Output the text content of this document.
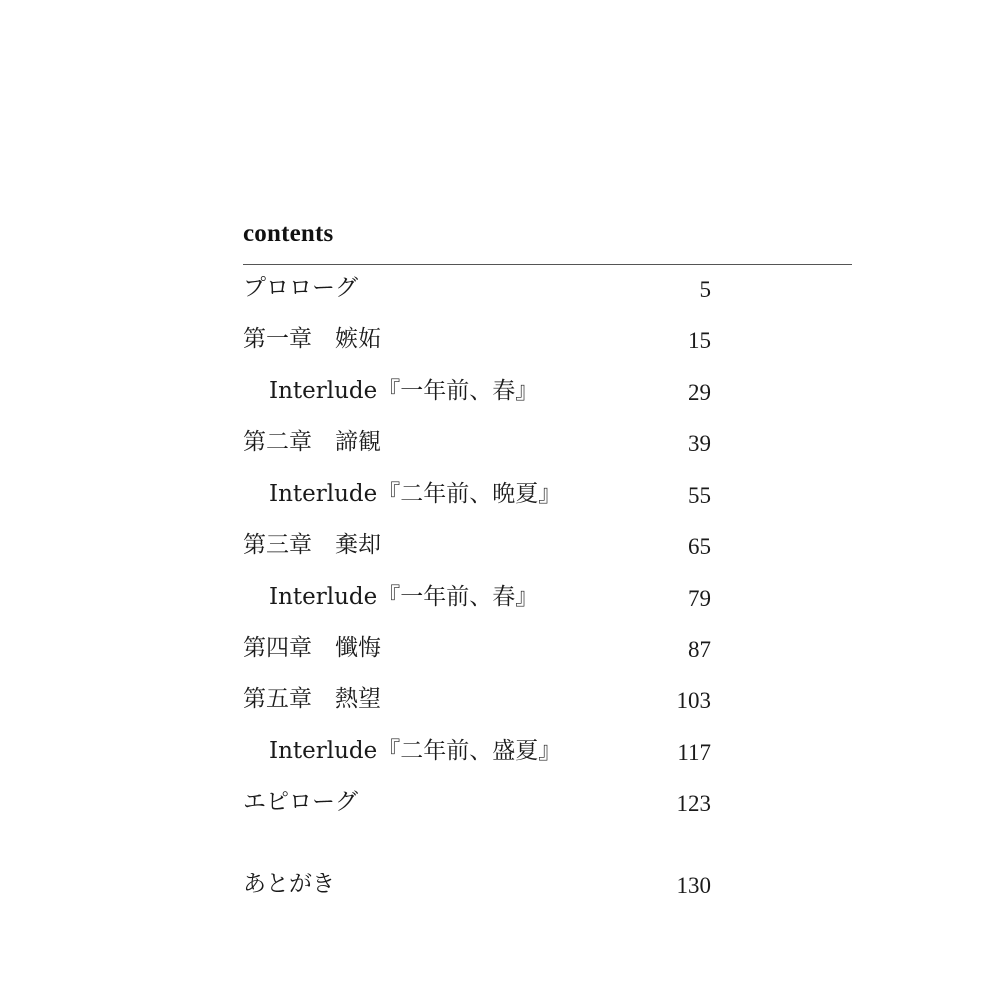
contents
プロローグ	5
第一章　嫉妬	15
Interlude『一年前、春』	29
第二章　諦観	39
Interlude『二年前、晩夏』	55
第三章　棄却	65
Interlude『一年前、春』	79
第四章　懺悔	87
第五章　熱望	103
Interlude『二年前、盛夏』	117
エピローグ	123
あとがき	130
